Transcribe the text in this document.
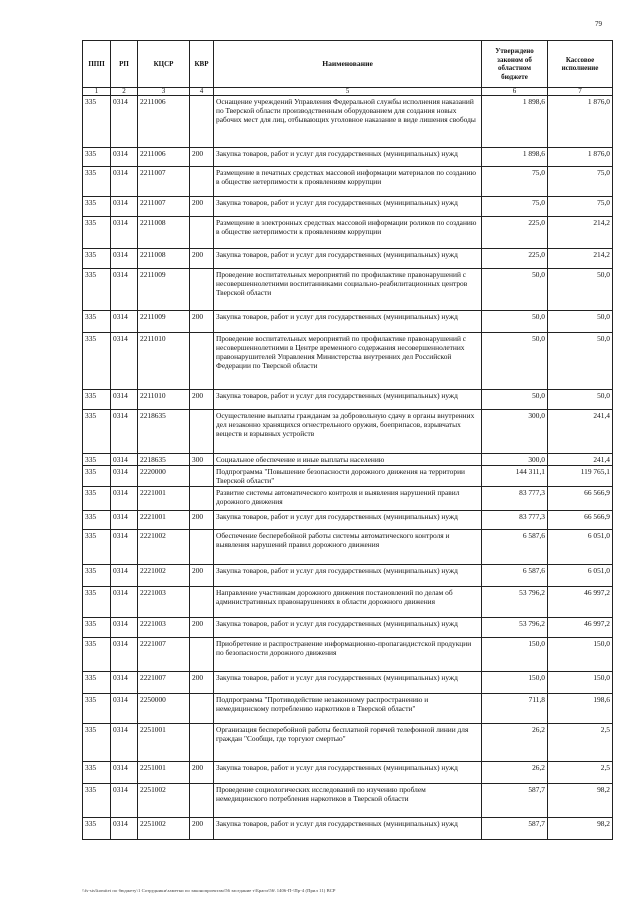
79
ППП	РП	КЦСР	КВР	Наименование	Утверждено законом об областном бюджете	Кассовое исполнение
1	2	3	4	5	6	7
335	0314	2211006		Оснащение учреждений Управления Федеральной службы исполнения наказаний по Тверской области производственным оборудованием для создания новых рабочих мест для лиц, отбывающих уголовное наказание в виде лишения свободы	1 898,6	1 876,0
335	0314	2211006	200	Закупка товаров, работ и услуг для государственных (муниципальных) нужд	1 898,6	1 876,0
335	0314	2211007		Размещение в печатных средствах массовой информации материалов по созданию в обществе нетерпимости к проявлениям коррупции	75,0	75,0
335	0314	2211007	200	Закупка товаров, работ и услуг для государственных (муниципальных) нужд	75,0	75,0
335	0314	2211008		Размещение в электронных средствах массовой информации роликов по созданию в обществе нетерпимости к проявлениям коррупции	225,0	214,2
335	0314	2211008	200	Закупка товаров, работ и услуг для государственных (муниципальных) нужд	225,0	214,2
335	0314	2211009		Проведение воспитательных мероприятий по профилактике правонарушений с несовершеннолетними воспитанниками социально-реабилитационных центров Тверской области	50,0	50,0
335	0314	2211009	200	Закупка товаров, работ и услуг для государственных (муниципальных) нужд	50,0	50,0
335	0314	2211010		Проведение воспитательных мероприятий по профилактике правонарушений с несовершеннолетними в Центре временного содержания несовершеннолетних правонарушителей Управления Министерства внутренних дел Российской Федерации по Тверской области	50,0	50,0
335	0314	2211010	200	Закупка товаров, работ и услуг для государственных (муниципальных) нужд	50,0	50,0
335	0314	2218635		Осуществление выплаты гражданам за добровольную сдачу в органы внутренних дел незаконно хранящихся огнестрельного оружия, боеприпасов, взрывчатых веществ и взрывных устройств	300,0	241,4
335	0314	2218635	300	Социальное обеспечение и иные выплаты населению	300,0	241,4
335	0314	2220000		Подпрограмма "Повышение безопасности дорожного движения на территории Тверской области"	144 311,1	119 765,1
335	0314	2221001		Развитие системы автоматического контроля и выявления нарушений правил дорожного движения	83 777,3	66 566,9
335	0314	2221001	200	Закупка товаров, работ и услуг для государственных (муниципальных) нужд	83 777,3	66 566,9
335	0314	2221002		Обеспечение бесперебойной работы системы автоматического контроля и выявления нарушений правил дорожного движения	6 587,6	6 051,0
335	0314	2221002	200	Закупка товаров, работ и услуг для государственных (муниципальных) нужд	6 587,6	6 051,0
335	0314	2221003		Направление участникам дорожного движения постановлений по делам об административных правонарушениях в области дорожного движения	53 796,2	46 997,2
335	0314	2221003	200	Закупка товаров, работ и услуг для государственных (муниципальных) нужд	53 796,2	46 997,2
335	0314	2221007		Приобретение и распространение информационно-пропагандистской продукции по безопасности дорожного движения	150,0	150,0
335	0314	2221007	200	Закупка товаров, работ и услуг для государственных (муниципальных) нужд	150,0	150,0
335	0314	2250000		Подпрограмма "Противодействие незаконному распространению и немедицинскому потреблению наркотиков в Тверской области"	711,8	198,6
335	0314	2251001		Организация бесперебойной работы бесплатной горячей телефонной линии для граждан "Сообщи, где торгуют смертью"	26,2	2,5
335	0314	2251001	200	Закупка товаров, работ и услуг для государственных (муниципальных) нужд	26,2	2,5
335	0314	2251002		Проведение социологических исследований по изучению проблем немедицинского потребления наркотиков в Тверской области	587,7	98,2
335	0314	2251002	200	Закупка товаров, работ и услуг для государственных (муниципальных) нужд	587,7	98,2
\\fs-sts\komitet по бюджету\1 Сотрудники\заметки по законопроектам\56 заседание т\Браги\56\ 1406-П-\Пр-4 (Прил 11) ВСР
